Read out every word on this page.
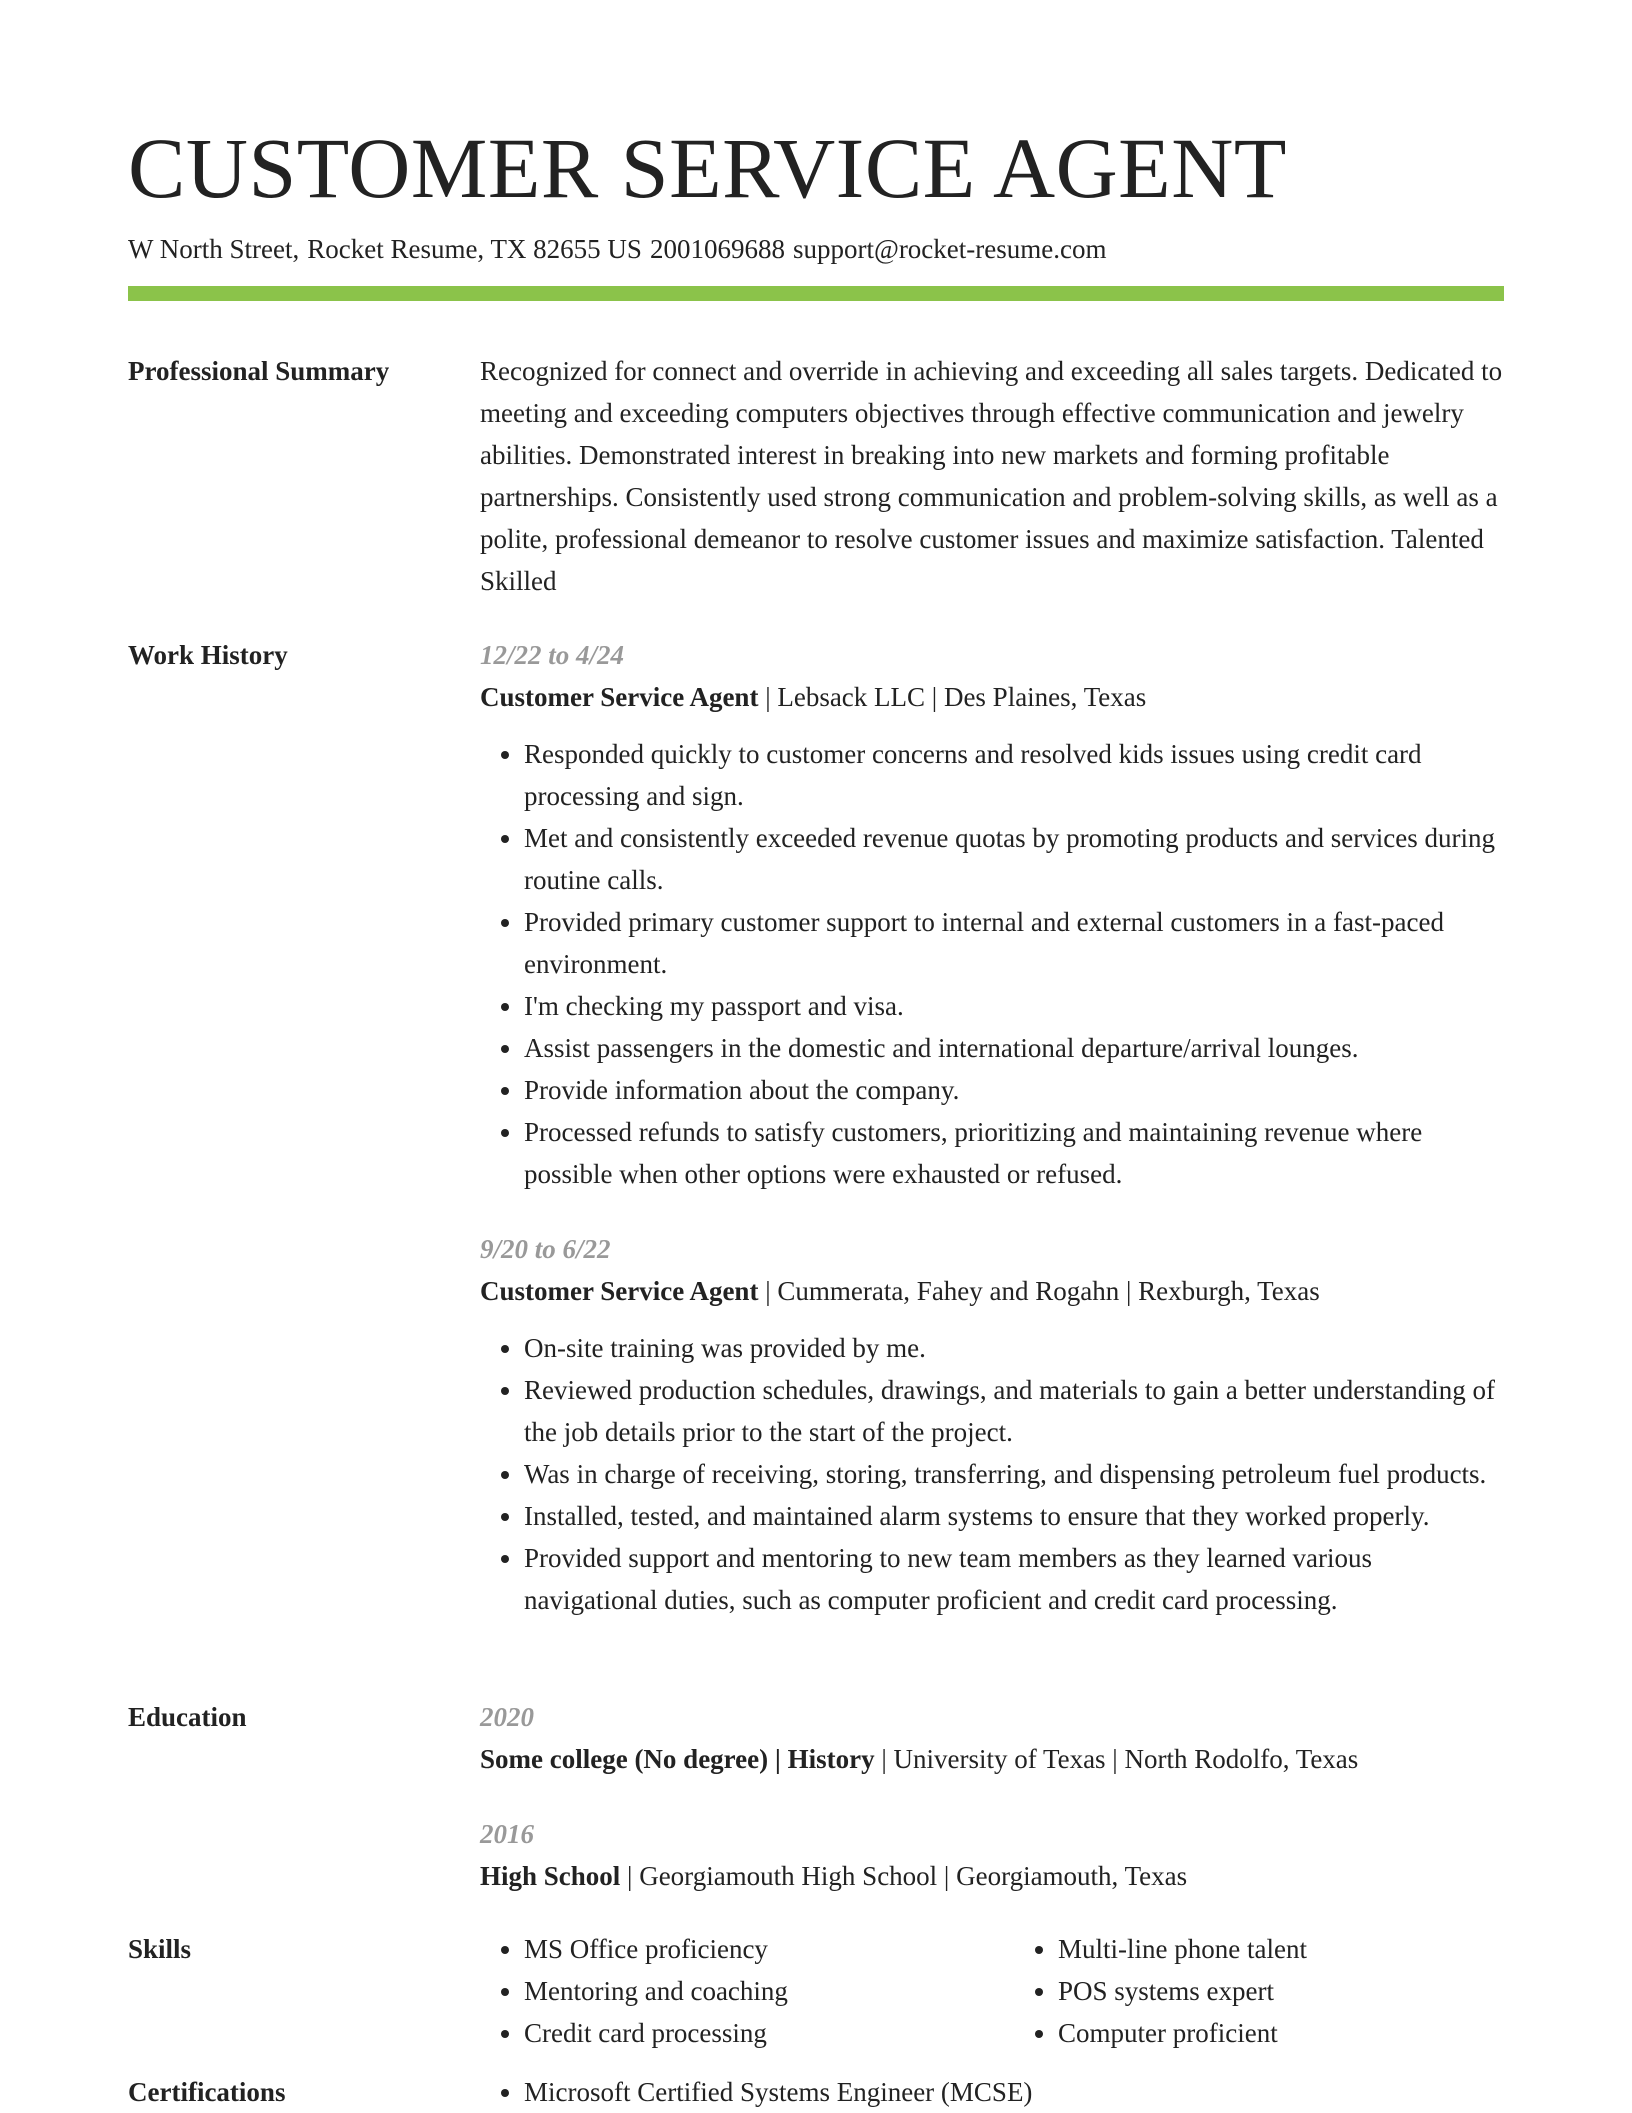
CUSTOMER SERVICE AGENT
W North Street, Rocket Resume, TX 82655 US 2001069688 support@rocket-resume.com
Professional Summary	Recognized for connect and override in achieving and exceeding all sales targets. Dedicated to meeting and exceeding computers objectives through effective communication and jewelry abilities. Demonstrated interest in breaking into new markets and forming profitable partnerships. Consistently used strong communication and problem-solving skills, as well as a polite, professional demeanor to resolve customer issues and maximize satisfaction. Talented Skilled
Work History	12/22 to 4/24
Customer Service Agent | Lebsack LLC | Des Plaines, Texas
• Responded quickly to customer concerns and resolved kids issues using credit card processing and sign.
• Met and consistently exceeded revenue quotas by promoting products and services during routine calls.
• Provided primary customer support to internal and external customers in a fast-paced environment.
• I'm checking my passport and visa.
• Assist passengers in the domestic and international departure/arrival lounges.
• Provide information about the company.
• Processed refunds to satisfy customers, prioritizing and maintaining revenue where possible when other options were exhausted or refused.
9/20 to 6/22
Customer Service Agent | Cummerata, Fahey and Rogahn | Rexburgh, Texas
• On-site training was provided by me.
• Reviewed production schedules, drawings, and materials to gain a better understanding of the job details prior to the start of the project.
• Was in charge of receiving, storing, transferring, and dispensing petroleum fuel products.
• Installed, tested, and maintained alarm systems to ensure that they worked properly.
• Provided support and mentoring to new team members as they learned various navigational duties, such as computer proficient and credit card processing.
Education	2020
Some college (No degree) | History | University of Texas | North Rodolfo, Texas
2016
High School | Georgiamouth High School | Georgiamouth, Texas
Skills	• MS Office proficiency
• Mentoring and coaching
• Credit card processing
• Multi-line phone talent
• POS systems expert
• Computer proficient
Certifications	• Microsoft Certified Systems Engineer (MCSE)
